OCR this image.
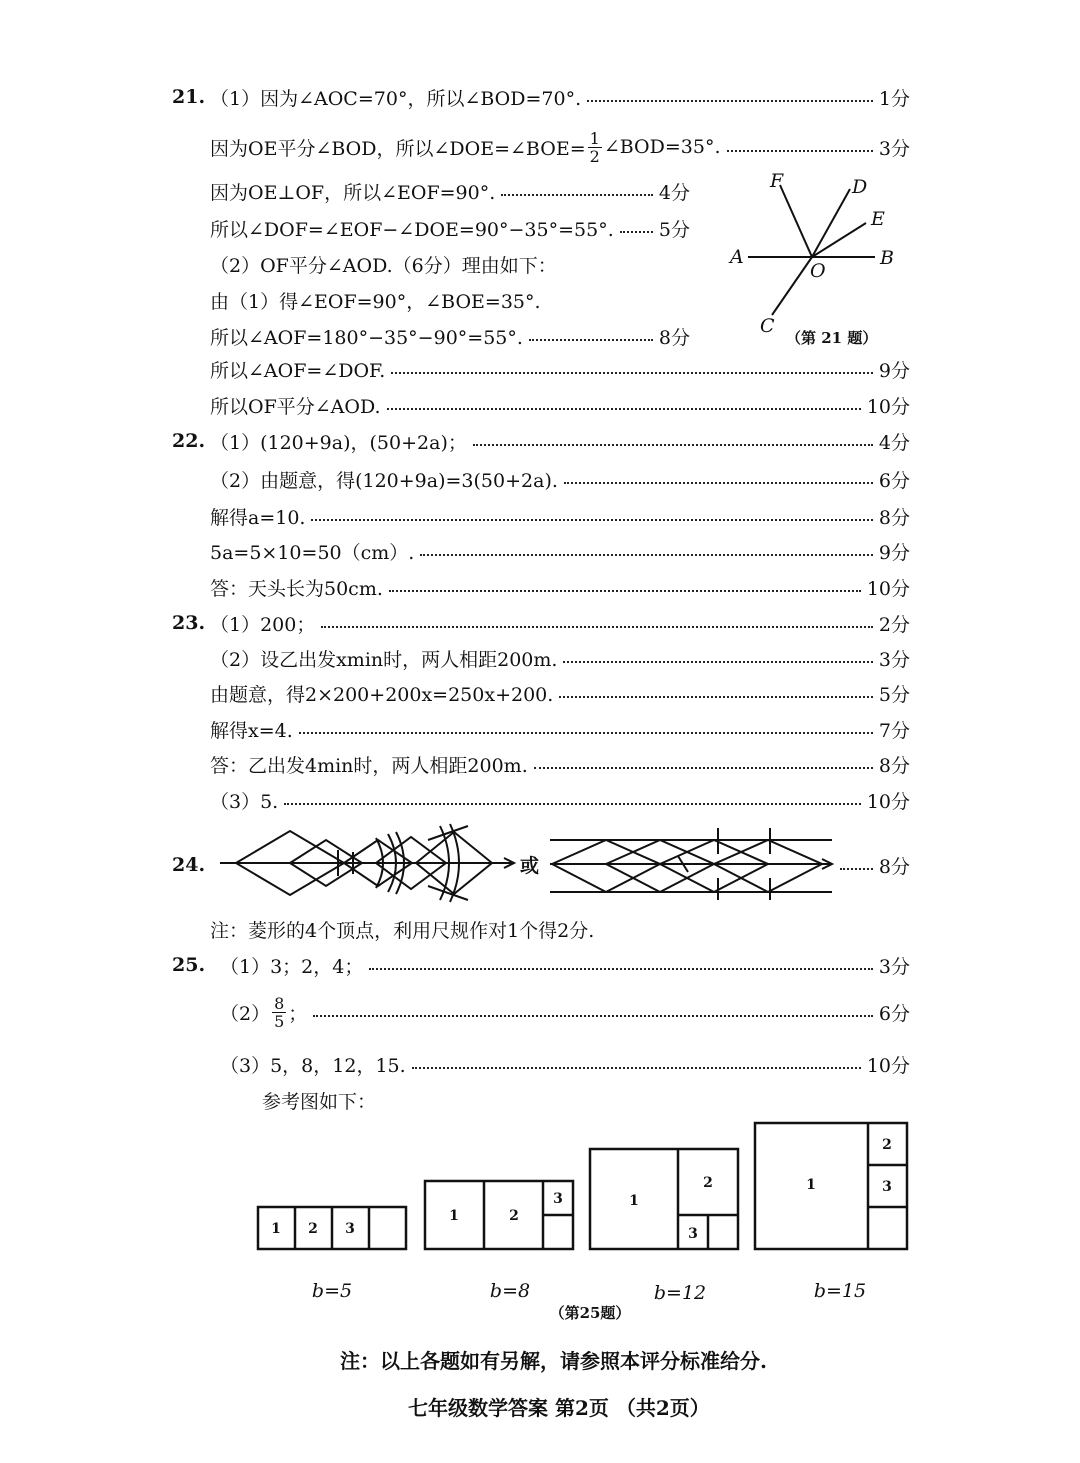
21. （1）因为∠AOC=70°，所以∠BOD=70°.	1分
因为OE平分∠BOD，所以∠DOE=∠BOE= $\frac{1}{2}$ ∠BOD=35°.	3分
因为OE⊥OF，所以∠EOF=90°.	4分
所以∠DOF=∠EOF−∠DOE=90°−35°=55°. 5分
（2）OF平分∠AOD.（6分）理由如下：
由（1）得∠EOF=90°，∠BOE=35°.
所以∠AOF=180°−35°−90°=55°.	8分
所以∠AOF=∠DOF.	9分
所以OF平分∠AOD.	10分
F	D
E
A
O
B
C
（第 21 题）
22. （1）(120+9a)，(50+2a)；	4分
（2）由题意，得(120+9a)=3(50+2a).	6分
解得a=10.	8分
5a=5×10=50（cm）.	9分
答：天头长为50cm.	10分
23. （1）200；	2分
（2）设乙出发xmin时，两人相距200m.	3分
由题意，得2×200+200x=250x+200.	5分
解得x=4.	7分
答：乙出发4min时，两人相距200m.	8分
（3）5.	10分
24.	或	8分
注：菱形的4个顶点，利用尺规作对1个得2分.
25. （1）3；2，4；	3分
$(2) \frac{8}{5}$ ；	6分
（3）5，8，12，15.	10分
参考图如下：
1 2 3
1	2
3	1
2
3
1
2
3
b=5	b=8	b=12	b=15
（第25题）
注：以上各题如有另解，请参照本评分标准给分.
七年级数学答案 第2页 （共2页）
